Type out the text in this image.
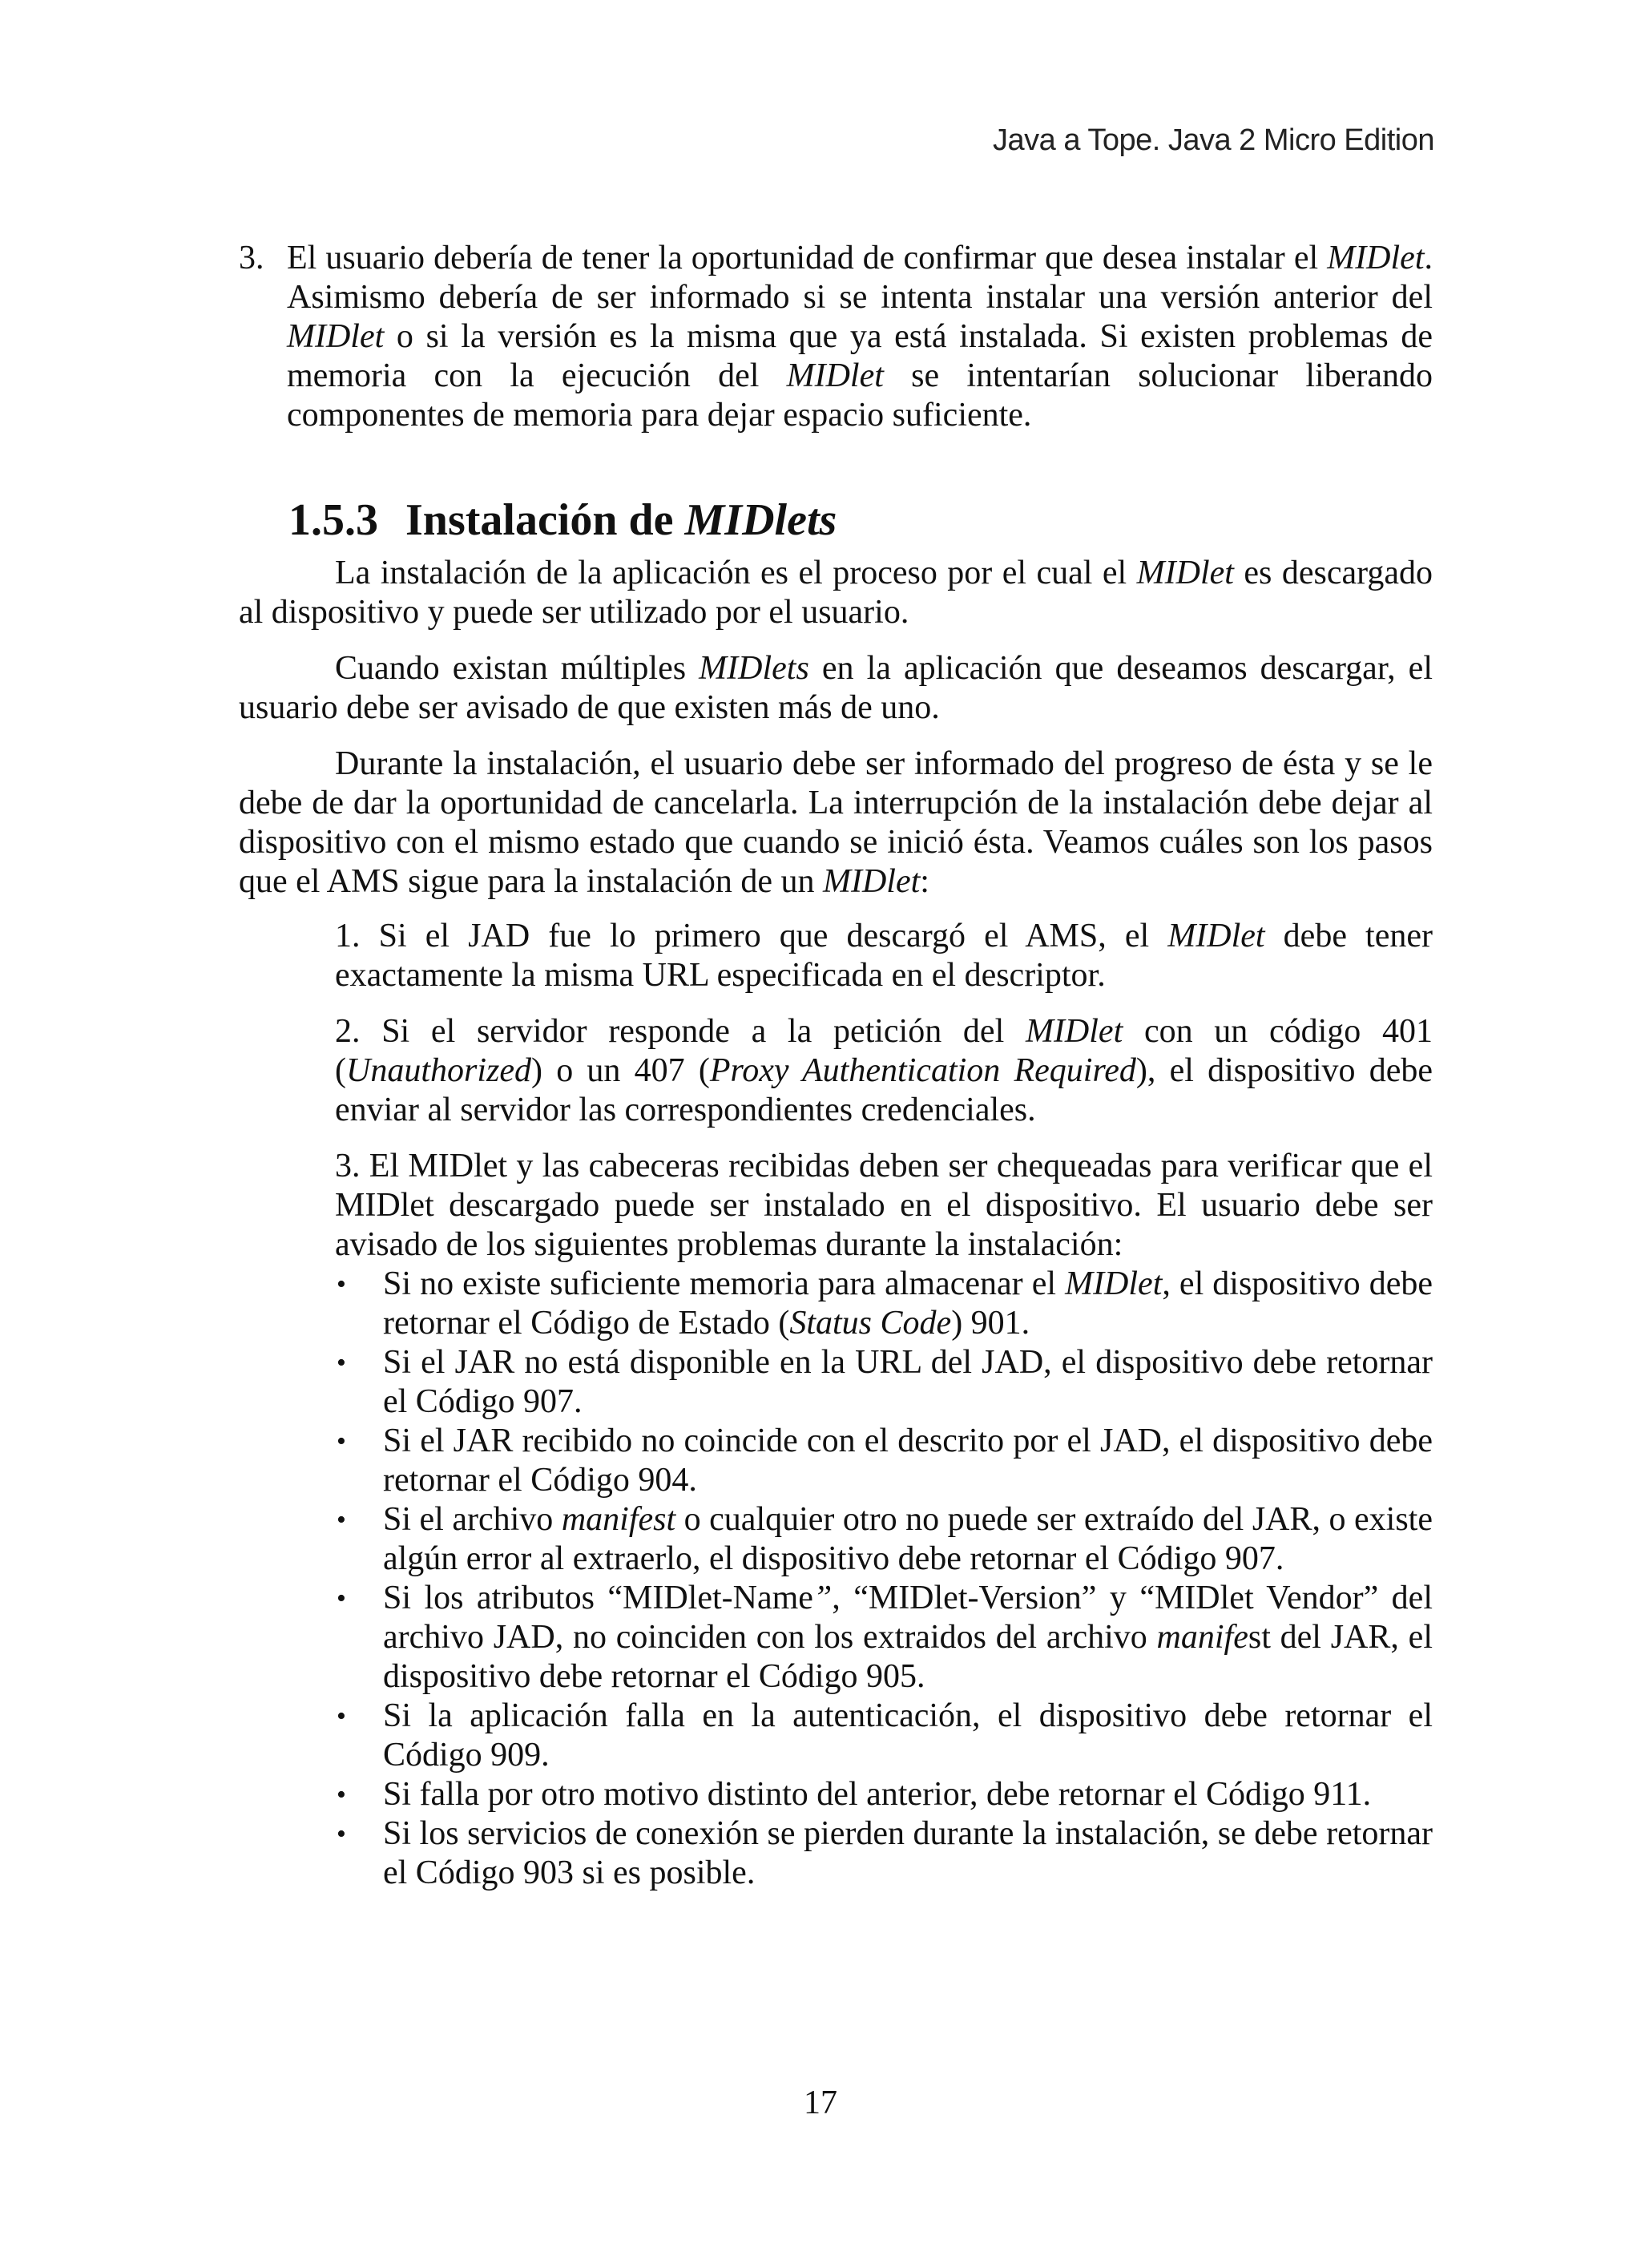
Java a Tope. Java 2 Micro Edition

3. El usuario debería de tener la oportunidad de confirmar que desea instalar el MIDlet. Asimismo debería de ser informado si se intenta instalar una versión anterior del MIDlet o si la versión es la misma que ya está instalada. Si existen problemas de memoria con la ejecución del MIDlet se intentarían solucionar liberando componentes de memoria para dejar espacio suficiente.

1.5.3 Instalación de MIDlets

La instalación de la aplicación es el proceso por el cual el MIDlet es descargado al dispositivo y puede ser utilizado por el usuario.

Cuando existan múltiples MIDlets en la aplicación que deseamos descargar, el usuario debe ser avisado de que existen más de uno.

Durante la instalación, el usuario debe ser informado del progreso de ésta y se le debe de dar la oportunidad de cancelarla. La interrupción de la instalación debe dejar al dispositivo con el mismo estado que cuando se inició ésta. Veamos cuáles son los pasos que el AMS sigue para la instalación de un MIDlet:

1. Si el JAD fue lo primero que descargó el AMS, el MIDlet debe tener exactamente la misma URL especificada en el descriptor.

2. Si el servidor responde a la petición del MIDlet con un código 401 (Unauthorized) o un 407 (Proxy Authentication Required), el dispositivo debe enviar al servidor las correspondientes credenciales.

3. El MIDlet y las cabeceras recibidas deben ser chequeadas para verificar que el MIDlet descargado puede ser instalado en el dispositivo. El usuario debe ser avisado de los siguientes problemas durante la instalación:

• Si no existe suficiente memoria para almacenar el MIDlet, el dispositivo debe retornar el Código de Estado (Status Code) 901.
• Si el JAR no está disponible en la URL del JAD, el dispositivo debe retornar el Código 907.
• Si el JAR recibido no coincide con el descrito por el JAD, el dispositivo debe retornar el Código 904.
• Si el archivo manifest o cualquier otro no puede ser extraído del JAR, o existe algún error al extraerlo, el dispositivo debe retornar el Código 907.
• Si los atributos “MIDlet-Name”, “MIDlet-Version” y “MIDlet Vendor” del archivo JAD, no coinciden con los extraidos del archivo manifest del JAR, el dispositivo debe retornar el Código 905.
• Si la aplicación falla en la autenticación, el dispositivo debe retornar el Código 909.
• Si falla por otro motivo distinto del anterior, debe retornar el Código 911.
• Si los servicios de conexión se pierden durante la instalación, se debe retornar el Código 903 si es posible.
17
